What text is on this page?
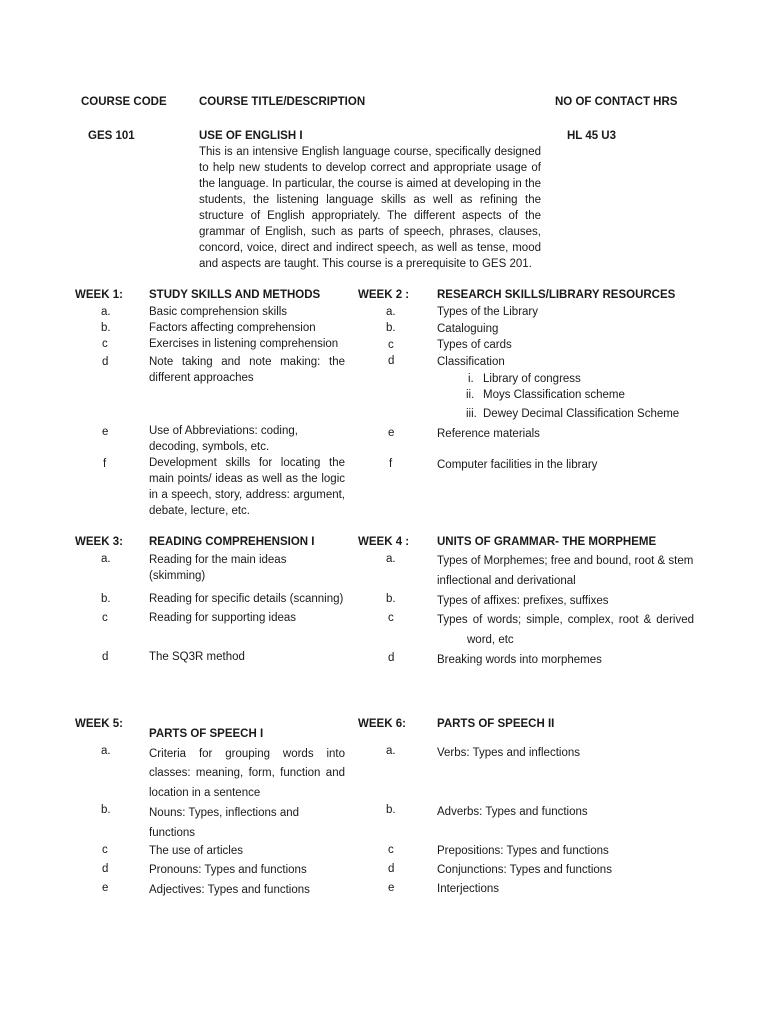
COURSE CODE	COURSE TITLE/DESCRIPTION	NO OF CONTACT HRS
GES 101	USE OF ENGLISH I	HL 45 U3
This is an intensive English language course, specifically designed to help new students to develop correct and appropriate usage of the language. In particular, the course is aimed at developing in the students, the listening language skills as well as refining the structure of English appropriately. The different aspects of the grammar of English, such as parts of speech, phrases, clauses, concord, voice, direct and indirect speech, as well as tense, mood and aspects are taught. This course is a prerequisite to GES 201.
WEEK 1: STUDY SKILLS AND METHODS
a.	Basic comprehension skills
b.	Factors affecting comprehension
c	Exercises in listening comprehension
d	Note taking and note making: the different approaches
e	Use of Abbreviations: coding, decoding, symbols, etc.
f	Development skills for locating the main points/ ideas as well as the logic in a speech, story, address: argument, debate, lecture, etc.
WEEK 2 : RESEARCH SKILLS/LIBRARY RESOURCES
a.	Types of the Library
b.	Cataloguing
c	Types of cards
d	Classification
i. Library of congress
ii. Moys Classification scheme
iii. Dewey Decimal Classification Scheme
e	Reference materials
f	Computer facilities in the library
WEEK 3: READING COMPREHENSION I
a.	Reading for the main ideas (skimming)
b.	Reading for specific details (scanning)
c	Reading for supporting ideas
d	The SQ3R method
WEEK 4 : UNITS OF GRAMMAR- THE MORPHEME
a.	Types of Morphemes; free and bound, root & stem
inflectional and derivational
b.	Types of affixes: prefixes, suffixes
c	Types of words; simple, complex, root & derived
word, etc
d	Breaking words into morphemes
WEEK 5:
PARTS OF SPEECH I
a.	Criteria for grouping words into classes: meaning, form, function and location in a sentence
b.	Nouns: Types, inflections and functions
c	The use of articles
d	Pronouns: Types and functions
e	Adjectives: Types and functions
WEEK 6:	PARTS OF SPEECH II
a.	Verbs: Types and inflections
b.	Adverbs: Types and functions
c	Prepositions: Types and functions
d	Conjunctions: Types and functions
e	Interjections
